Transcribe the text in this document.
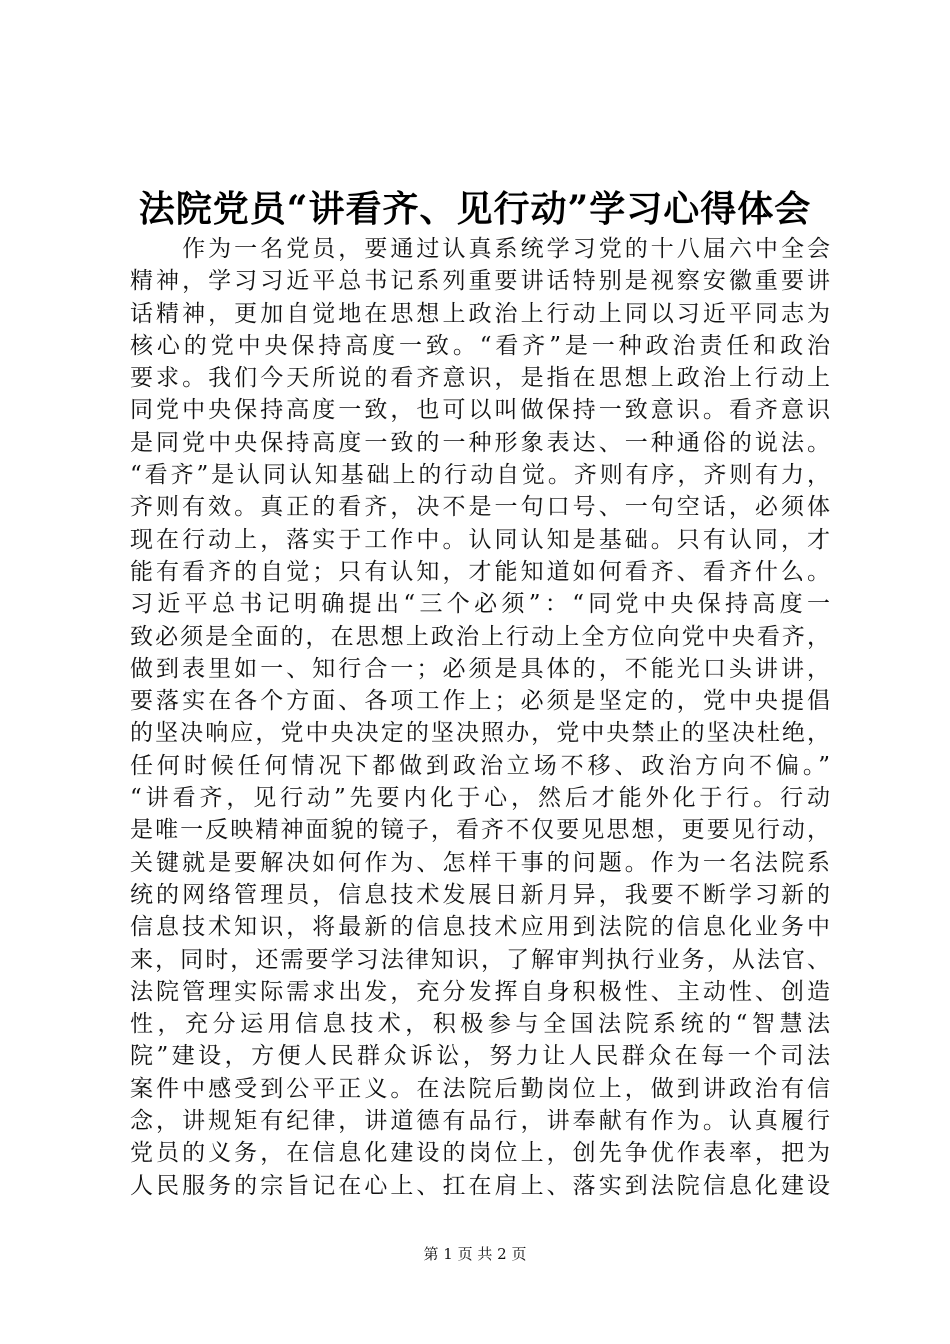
法院党员“讲看齐、见行动”学习心得体会
　　作为一名党员，要通过认真系统学习党的十八届六中全会
精神，学习习近平总书记系列重要讲话特别是视察安徽重要讲
话精神，更加自觉地在思想上政治上行动上同以习近平同志为
核心的党中央保持高度一致。“看齐”是一种政治责任和政治
要求。我们今天所说的看齐意识，是指在思想上政治上行动上
同党中央保持高度一致，也可以叫做保持一致意识。看齐意识
是同党中央保持高度一致的一种形象表达、一种通俗的说法。
“看齐”是认同认知基础上的行动自觉。齐则有序，齐则有力，
齐则有效。真正的看齐，决不是一句口号、一句空话，必须体
现在行动上，落实于工作中。认同认知是基础。只有认同，才
能有看齐的自觉；只有认知，才能知道如何看齐、看齐什么。
习近平总书记明确提出“三个必须”：“同党中央保持高度一
致必须是全面的，在思想上政治上行动上全方位向党中央看齐，
做到表里如一、知行合一；必须是具体的，不能光口头讲讲，
要落实在各个方面、各项工作上；必须是坚定的，党中央提倡
的坚决响应，党中央决定的坚决照办，党中央禁止的坚决杜绝，
任何时候任何情况下都做到政治立场不移、政治方向不偏。”
“讲看齐，见行动”先要内化于心，然后才能外化于行。行动
是唯一反映精神面貌的镜子，看齐不仅要见思想，更要见行动，
关键就是要解决如何作为、怎样干事的问题。作为一名法院系
统的网络管理员，信息技术发展日新月异，我要不断学习新的
信息技术知识，将最新的信息技术应用到法院的信息化业务中
来，同时，还需要学习法律知识，了解审判执行业务，从法官、
法院管理实际需求出发，充分发挥自身积极性、主动性、创造
性，充分运用信息技术，积极参与全国法院系统的“智慧法
院”建设，方便人民群众诉讼，努力让人民群众在每一个司法
案件中感受到公平正义。在法院后勤岗位上，做到讲政治有信
念，讲规矩有纪律，讲道德有品行，讲奉献有作为。认真履行
党员的义务，在信息化建设的岗位上，创先争优作表率，把为
人民服务的宗旨记在心上、扛在肩上、落实到法院信息化建设
第 1 页 共 2 页
